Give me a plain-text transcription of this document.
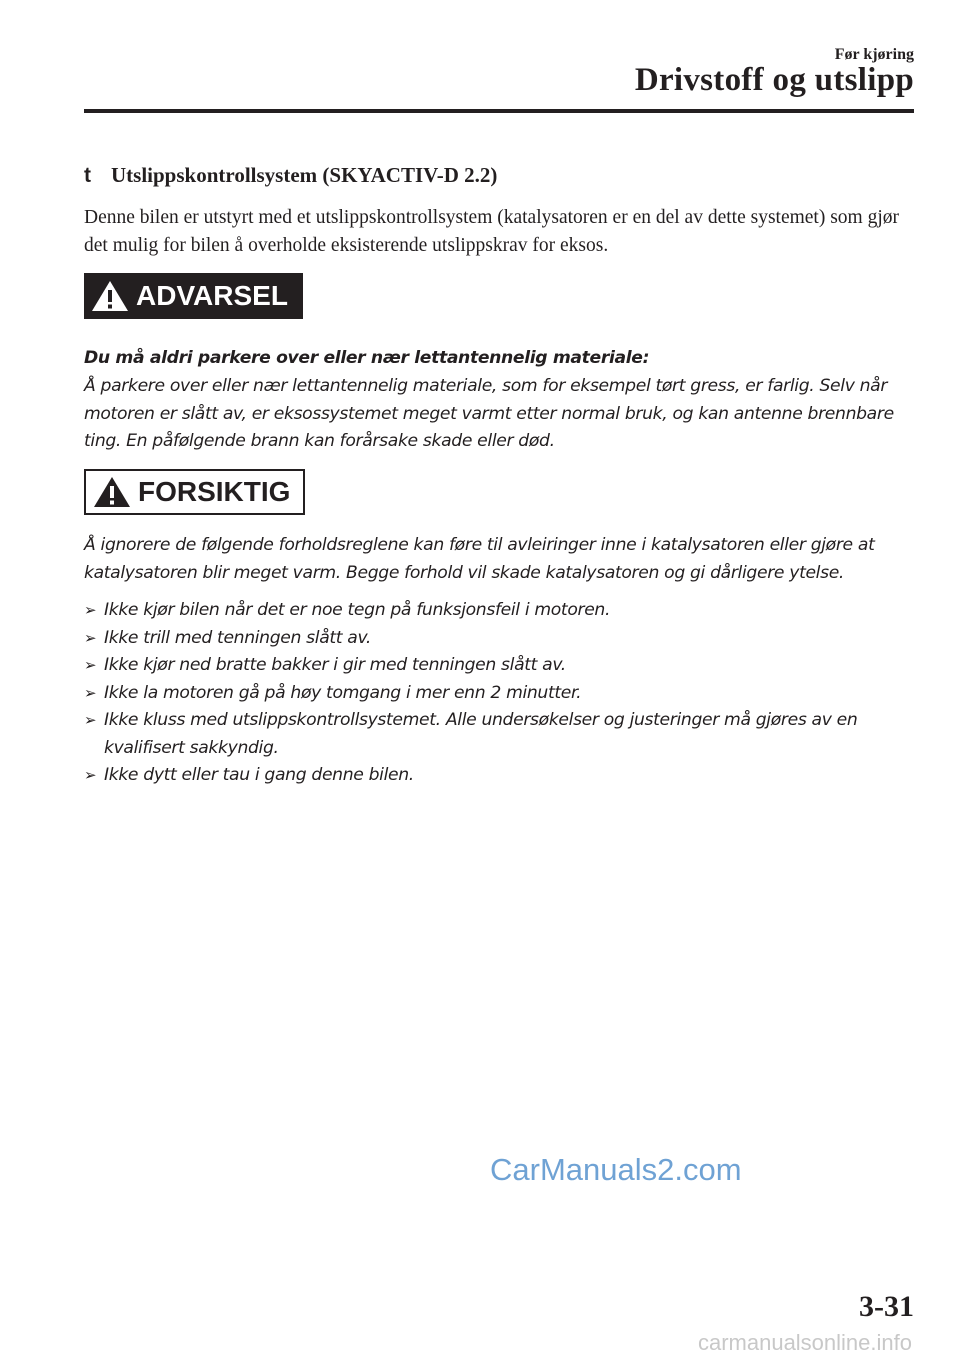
Før kjøring
Drivstoff og utslipp
t Utslippskontrollsystem (SKYACTIV-D 2.2)
Denne bilen er utstyrt med et utslippskontrollsystem (katalysatoren er en del av dette systemet) som gjør det mulig for bilen å overholde eksisterende utslippskrav for eksos.
ADVARSEL
Du må aldri parkere over eller nær lettantennelig materiale:
Å parkere over eller nær lettantennelig materiale, som for eksempel tørt gress, er farlig. Selv når motoren er slått av, er eksossystemet meget varmt etter normal bruk, og kan antenne brennbare ting. En påfølgende brann kan forårsake skade eller død.
FORSIKTIG
Å ignorere de følgende forholdsreglene kan føre til avleiringer inne i katalysatoren eller gjøre at katalysatoren blir meget varm. Begge forhold vil skade katalysatoren og gi dårligere ytelse.
➢ Ikke kjør bilen når det er noe tegn på funksjonsfeil i motoren.
➢ Ikke trill med tenningen slått av.
➢ Ikke kjør ned bratte bakker i gir med tenningen slått av.
➢ Ikke la motoren gå på høy tomgang i mer enn 2 minutter.
➢ Ikke kluss med utslippskontrollsystemet. Alle undersøkelser og justeringer må gjøres av en kvalifisert sakkyndig.
➢ Ikke dytt eller tau i gang denne bilen.
CarManuals2.com
3-31
carmanualsonline.info
